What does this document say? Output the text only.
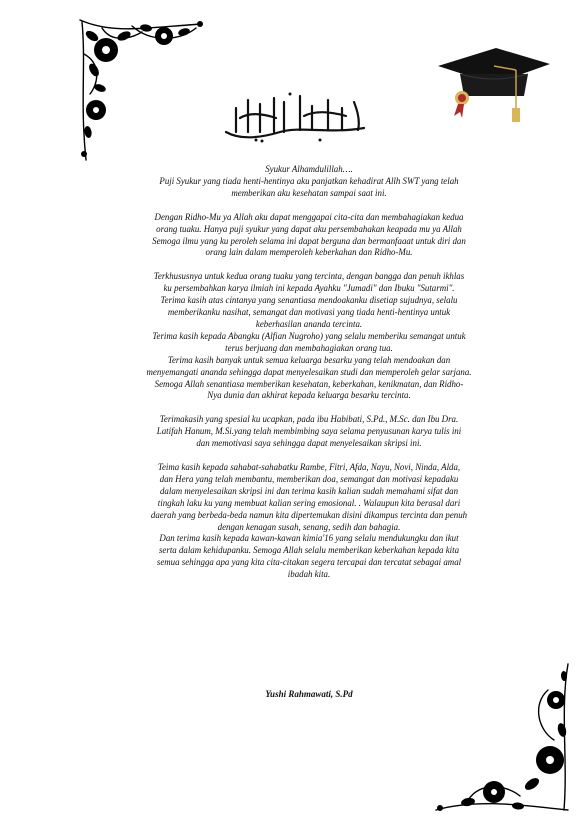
Syukur Alhamdulillah….

Puji Syukur yang tiada henti-hentinya aku panjatkan kehadirat Allh SWT yang telah

memberikan aku kesehatan sampai saat ini.

Dengan Ridho-Mu ya Allah aku dapat menggapai cita-cita dan membahagiakan kedua

orang tuaku. Hanya puji syukur yang dapat aku persembahakan keapada mu ya Allah

Semoga ilmu yang ku peroleh selama ini dapat berguna dan bermanfaaat untuk diri dan

orang lain dalam memperoleh keberkahan dan Ridho-Mu.

Terkhususnya untuk kedua orang tuaku yang tercinta, dengan bangga dan penuh ikhlas

ku persembahkan karya ilmiah ini kepada Ayahku "Jumadi" dan Ibuku "Sutarmi".

Terima kasih atas cintanya yang senantiasa mendoakanku disetiap sujudnya, selalu

memberikanku nasihat, semangat dan motivasi yang tiada henti-hentinya untuk

keberhasilan ananda tercinta.

Terima kasih kepada Abangku (Alfian Nugroho) yang selalu memberiku semangat untuk

terus berjuang dan membahagiakan orang tua.

Terima kasih banyak untuk semua keluarga besarku yang telah mendoakan dan

menyemangati ananda sehingga dapat menyelesaikan studi dan memperoleh gelar sarjana.

Semoga Allah senantiasa memberikan kesehatan, keberkahan, kenikmatan, dan Ridho-

Nya dunia dan akhirat kepada keluarga besarku tercinta.

Terimakasih yang spesial ku ucapkan, pada ibu Habibati, S.Pd., M.Sc. dan Ibu Dra.

Latifah Hanum, M.Si.yang telah membimbing saya selama penyusunan karya tulis ini

dan memotivasi saya sehingga dapat menyelesaikan skripsi ini.

Teima kasih kepada sahabat-sahabatku Rambe, Fitri, Afda, Nayu, Novi, Ninda, Alda,

dan Hera yang telah membantu, memberikan doa, semangat dan motivasi kepadaku

dalam menyelesaikan skripsi ini dan terima kasih kalian sudah memahami sifat dan

tingkah laku ku yang membuat kalian sering emosional. . Walaupun kita berasal dari

daerah yang berbeda-beda namun kita dipertemukan disini dikampus tercinta dan penuh

dengan kenagan susah, senang, sedih dan bahagia.

Dan terima kasih kepada kawan-kawan kimia'16 yang selalu mendukungku dan ikut

serta dalam kehidupanku. Semoga Allah selalu memberikan keberkahan kepada kita

semua sehingga apa yang kita cita-citakan segera tercapai dan tercatat sebagai amal

ibadah kita.

Yushi Rahmawati, S.Pd
